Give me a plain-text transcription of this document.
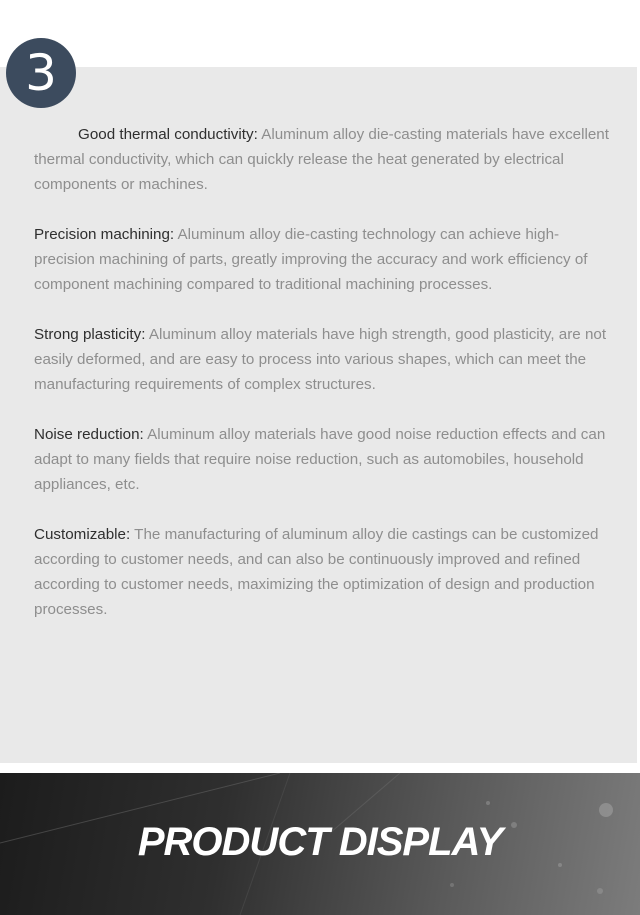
3

Good thermal conductivity: Aluminum alloy die-casting materials have excellent thermal conductivity, which can quickly release the heat generated by electrical components or machines.

Precision machining: Aluminum alloy die-casting technology can achieve high-precision machining of parts, greatly improving the accuracy and work efficiency of component machining compared to traditional machining processes.

Strong plasticity: Aluminum alloy materials have high strength, good plasticity, are not easily deformed, and are easy to process into various shapes, which can meet the manufacturing requirements of complex structures.

Noise reduction: Aluminum alloy materials have good noise reduction effects and can adapt to many fields that require noise reduction, such as automobiles, household appliances, etc.

Customizable: The manufacturing of aluminum alloy die castings can be customized according to customer needs, and can also be continuously improved and refined according to customer needs, maximizing the optimization of design and production processes.

PRODUCT DISPLAY
